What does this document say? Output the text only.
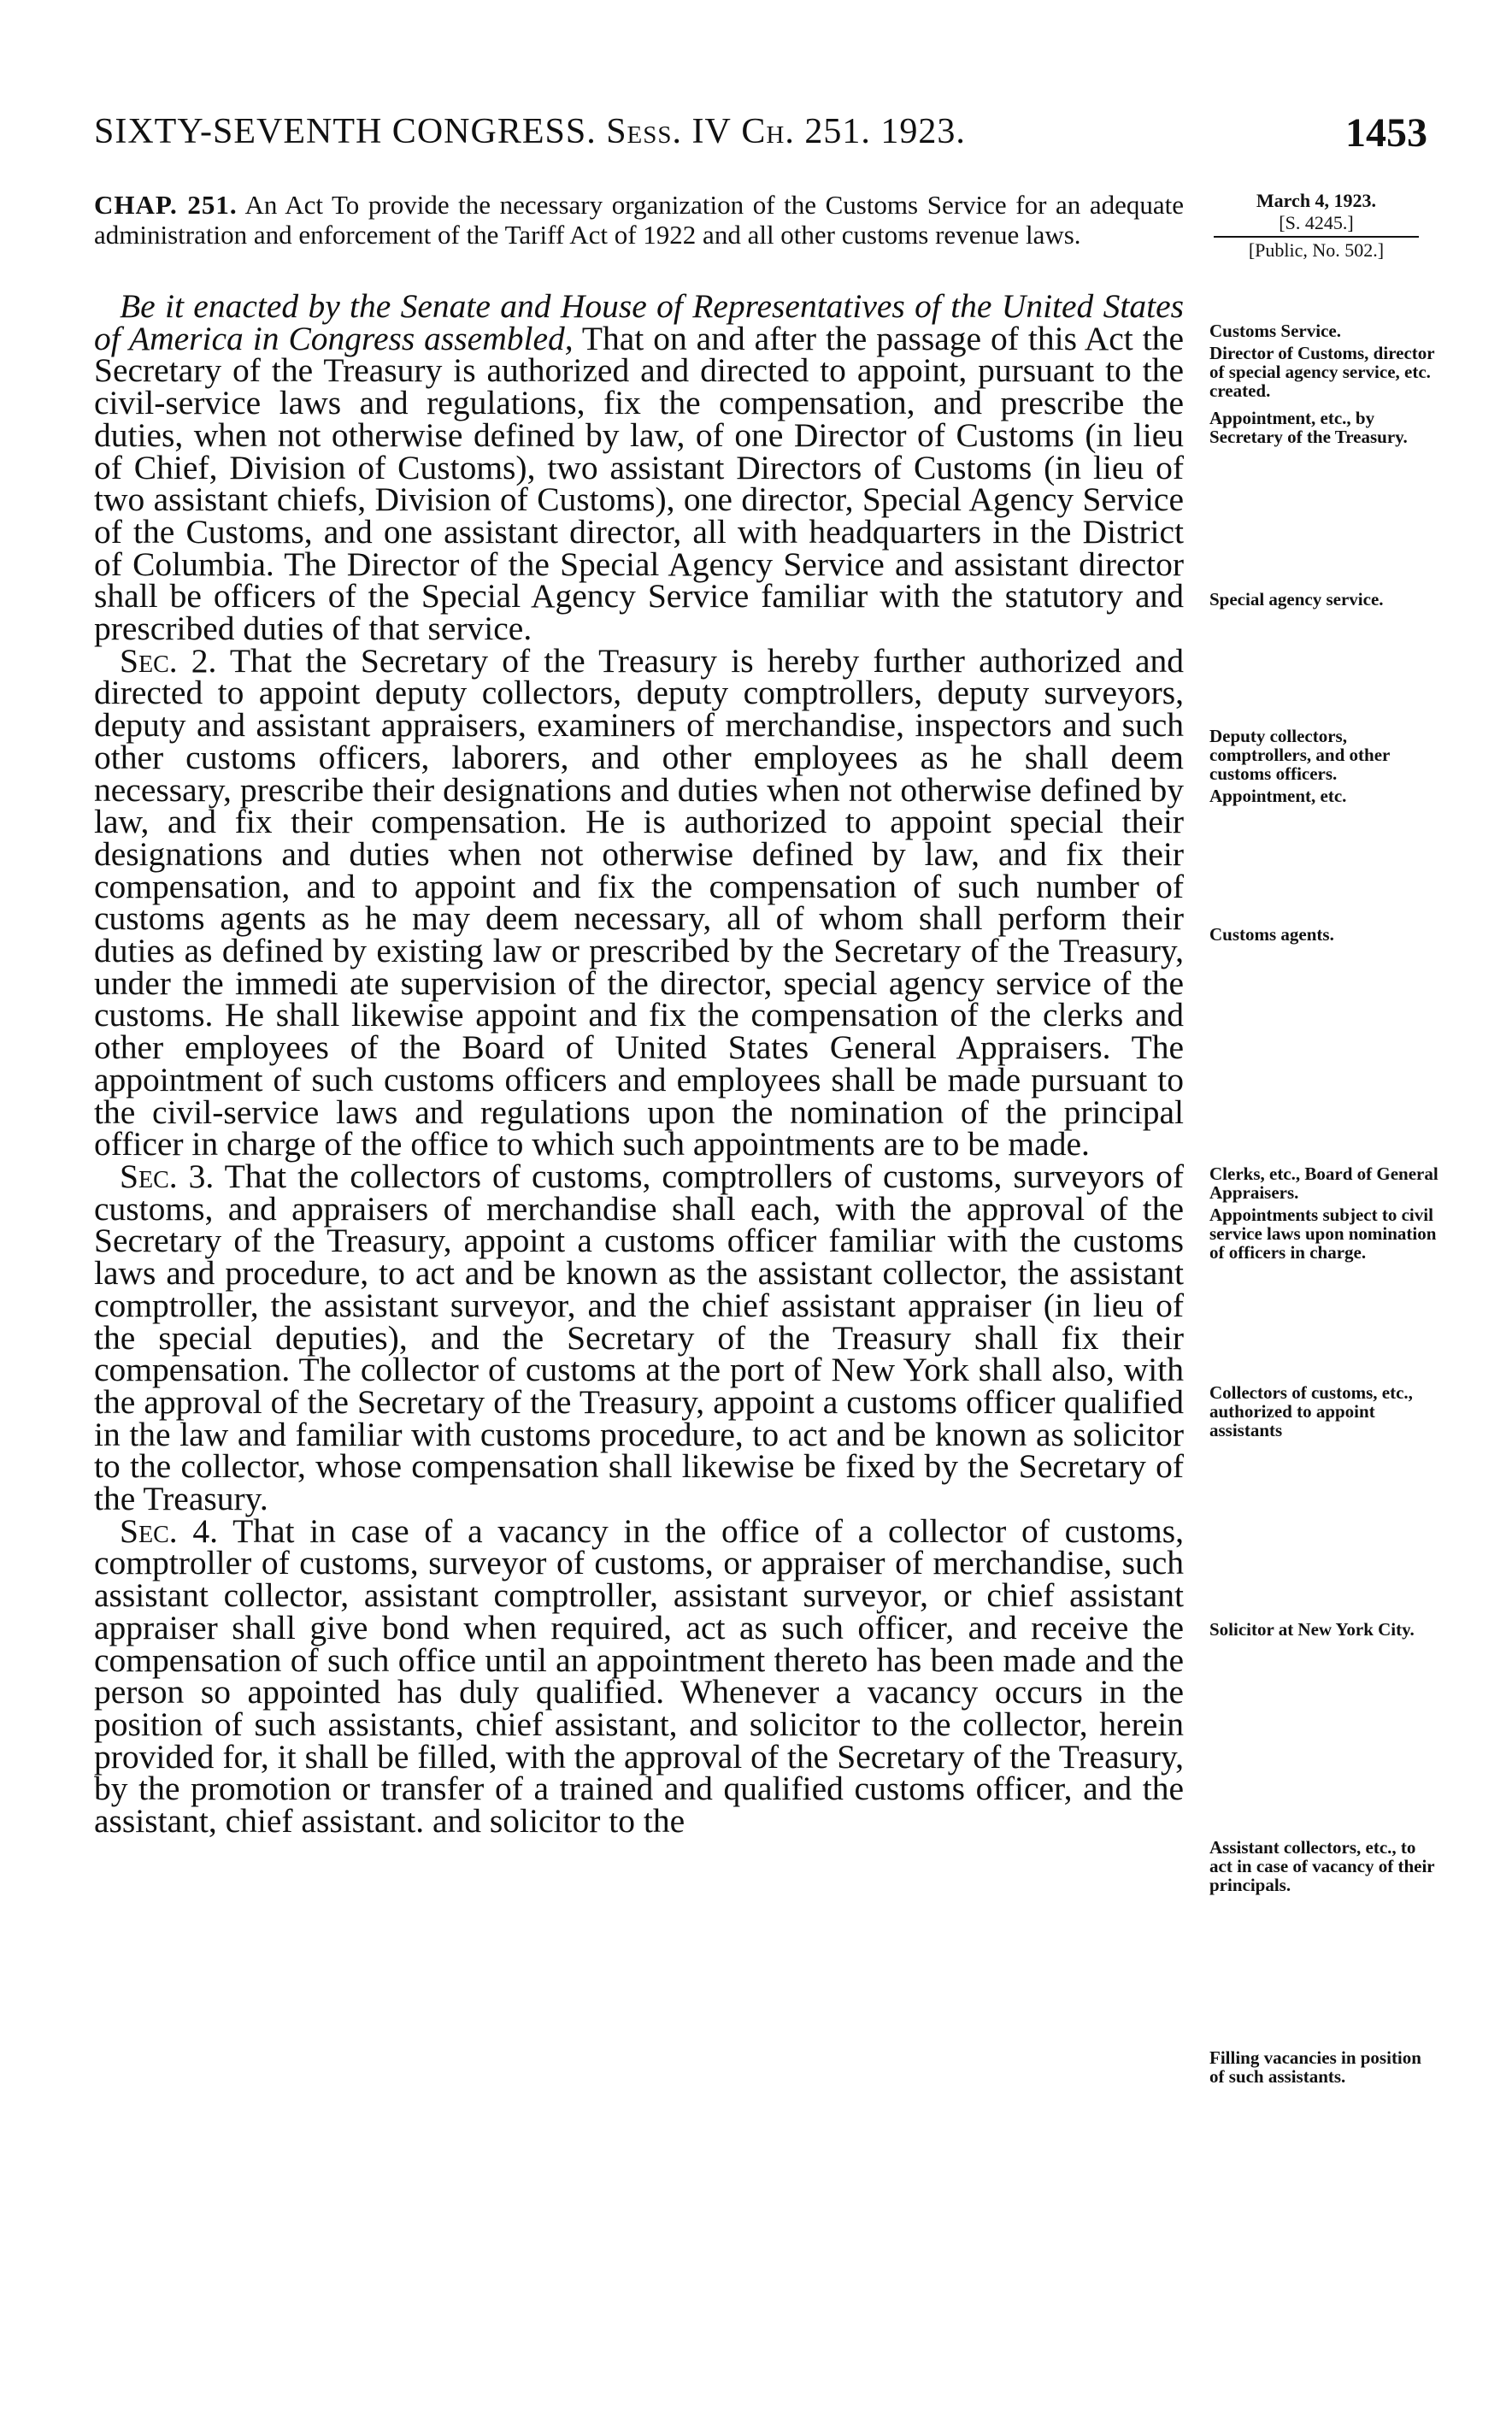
SIXTY-SEVENTH CONGRESS. Sess. IV Ch. 251. 1923.	1453
CHAP. 251. An Act To provide the necessary organization of the Customs Service for an adequate administration and enforcement of the Tariff Act of 1922 and all other customs revenue laws.
March 4, 1923.
[S. 4245.]
[Public, No. 502.]

Be it enacted by the Senate and House of Representatives of the United States of America in Congress assembled, That on and after the passage of this Act the Secretary of the Treasury is authorized and directed to appoint, pursuant to the civil-service laws and regulations, fix the compensation, and prescribe the duties, when not otherwise defined by law, of one Director of Customs (in lieu of Chief, Division of Customs), two assistant Directors of Customs (in lieu of two assistant chiefs, Division of Customs), one director, Special Agency Service of the Customs, and one assistant director, all with headquarters in the District of Columbia. The Director of the Special Agency Service and assistant director shall be officers of the Special Agency Service familiar with the statutory and prescribed duties of that service.

Sec. 2. That the Secretary of the Treasury is hereby further authorized and directed to appoint deputy collectors, deputy comptrollers, deputy surveyors, deputy and assistant appraisers, examiners of merchandise, inspectors and such other customs officers, laborers, and other employees as he shall deem necessary, prescribe their designations and duties when not otherwise defined by law, and fix their compensation. He is authorized to appoint special their designations and duties when not otherwise defined by law, and fix their compensation, and to appoint and fix the compensation of such number of customs agents as he may deem necessary, all of whom shall perform their duties as defined by existing law or prescribed by the Secretary of the Treasury, under the immedi ate supervision of the director, special agency service of the customs. He shall likewise appoint and fix the compensation of the clerks and other employees of the Board of United States General Appraisers. The appointment of such customs officers and employees shall be made pursuant to the civil-service laws and regulations upon the nomination of the principal officer in charge of the office to which such appointments are to be made.

Sec. 3. That the collectors of customs, comptrollers of customs, surveyors of customs, and appraisers of merchandise shall each, with the approval of the Secretary of the Treasury, appoint a customs officer familiar with the customs laws and procedure, to act and be known as the assistant collector, the assistant comptroller, the assistant surveyor, and the chief assistant appraiser (in lieu of the special deputies), and the Secretary of the Treasury shall fix their compensation. The collector of customs at the port of New York shall also, with the approval of the Secretary of the Treasury, appoint a customs officer qualified in the law and familiar with customs procedure, to act and be known as solicitor to the collector, whose compensation shall likewise be fixed by the Secretary of the Treasury.

Sec. 4. That in case of a vacancy in the office of a collector of customs, comptroller of customs, surveyor of customs, or appraiser of merchandise, such assistant collector, assistant comptroller, assistant surveyor, or chief assistant appraiser shall give bond when required, act as such officer, and receive the compensation of such office until an appointment thereto has been made and the person so appointed has duly qualified. Whenever a vacancy occurs in the position of such assistants, chief assistant, and solicitor to the collector, herein provided for, it shall be filled, with the approval of the Secretary of the Treasury, by the promotion or transfer of a trained and qualified customs officer, and the assistant, chief assistant. and solicitor to the

Customs Service.
Director of Customs, director of special agency service, etc. created.
Appointment, etc., by Secretary of the Treasury.
Special agency service.
Deputy collectors, comptrollers, and other customs officers.
Appointment, etc.
Customs agents.
Clerks, etc., Board of General Appraisers.
Appointments subject to civil service laws upon nomination of officers in charge.
Collectors of customs, etc., authorized to appoint assistants
Solicitor at New York City.
Assistant collectors, etc., to act in case of vacancy of their principals.
Filling vacancies in position of such assistants.
